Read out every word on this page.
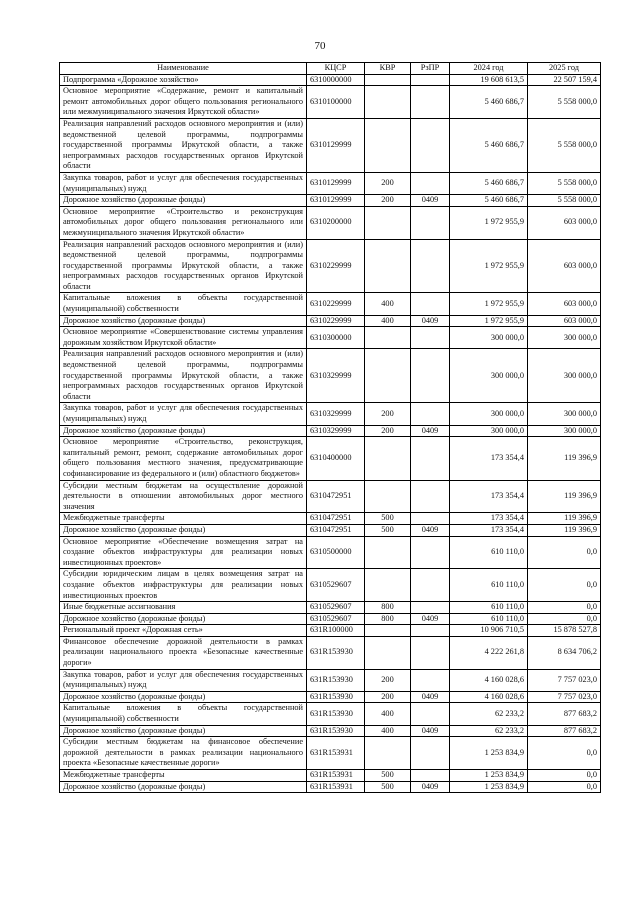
70
Наименование	КЦСР	КВР	РзПР	2024 год	2025 год
Подпрограмма «Дорожное хозяйство»	6310000000			19 608 613,5	22 507 159,4
Основное мероприятие «Содержание, ремонт и капитальный ремонт автомобильных дорог общего пользования регионального или межмуниципального значения Иркутской области»	6310100000			5 460 686,7	5 558 000,0
Реализация направлений расходов основного мероприятия и (или) ведомственной целевой программы, подпрограммы государственной программы Иркутской области, а также непрограммных расходов государственных органов Иркутской области	6310129999			5 460 686,7	5 558 000,0
Закупка товаров, работ и услуг для обеспечения государственных (муниципальных) нужд	6310129999	200		5 460 686,7	5 558 000,0
Дорожное хозяйство (дорожные фонды)	6310129999	200	0409	5 460 686,7	5 558 000,0
Основное мероприятие «Строительство и реконструкция автомобильных дорог общего пользования регионального или межмуниципального значения Иркутской области»	6310200000			1 972 955,9	603 000,0
Реализация направлений расходов основного мероприятия и (или) ведомственной целевой программы, подпрограммы государственной программы Иркутской области, а также непрограммных расходов государственных органов Иркутской области	6310229999			1 972 955,9	603 000,0
Капитальные вложения в объекты государственной (муниципальной) собственности	6310229999	400		1 972 955,9	603 000,0
Дорожное хозяйство (дорожные фонды)	6310229999	400	0409	1 972 955,9	603 000,0
Основное мероприятие «Совершенствование системы управления дорожным хозяйством Иркутской области»	6310300000			300 000,0	300 000,0
Реализация направлений расходов основного мероприятия и (или) ведомственной целевой программы, подпрограммы государственной программы Иркутской области, а также непрограммных расходов государственных органов Иркутской области	6310329999			300 000,0	300 000,0
Закупка товаров, работ и услуг для обеспечения государственных (муниципальных) нужд	6310329999	200		300 000,0	300 000,0
Дорожное хозяйство (дорожные фонды)	6310329999	200	0409	300 000,0	300 000,0
Основное мероприятие «Строительство, реконструкция, капитальный ремонт, ремонт, содержание автомобильных дорог общего пользования местного значения, предусматривающие софинансирование из федерального и (или) областного бюджетов»	6310400000			173 354,4	119 396,9
Субсидии местным бюджетам на осуществление дорожной деятельности в отношении автомобильных дорог местного значения	6310472951			173 354,4	119 396,9
Межбюджетные трансферты	6310472951	500		173 354,4	119 396,9
Дорожное хозяйство (дорожные фонды)	6310472951	500	0409	173 354,4	119 396,9
Основное мероприятие «Обеспечение возмещения затрат на создание объектов инфраструктуры для реализации новых инвестиционных проектов»	6310500000			610 110,0	0,0
Субсидии юридическим лицам в целях возмещения затрат на создание объектов инфраструктуры для реализации новых инвестиционных проектов	6310529607			610 110,0	0,0
Иные бюджетные ассигнования	6310529607	800		610 110,0	0,0
Дорожное хозяйство (дорожные фонды)	6310529607	800	0409	610 110,0	0,0
Региональный проект «Дорожная сеть»	631R100000			10 906 710,5	15 878 527,8
Финансовое обеспечение дорожной деятельности в рамках реализации национального проекта «Безопасные качественные дороги»	631R153930			4 222 261,8	8 634 706,2
Закупка товаров, работ и услуг для обеспечения государственных (муниципальных) нужд	631R153930	200		4 160 028,6	7 757 023,0
Дорожное хозяйство (дорожные фонды)	631R153930	200	0409	4 160 028,6	7 757 023,0
Капитальные вложения в объекты государственной (муниципальной) собственности	631R153930	400		62 233,2	877 683,2
Дорожное хозяйство (дорожные фонды)	631R153930	400	0409	62 233,2	877 683,2
Субсидии местным бюджетам на финансовое обеспечение дорожной деятельности в рамках реализации национального проекта «Безопасные качественные дороги»	631R153931			1 253 834,9	0,0
Межбюджетные трансферты	631R153931	500		1 253 834,9	0,0
Дорожное хозяйство (дорожные фонды)	631R153931	500	0409	1 253 834,9	0,0
